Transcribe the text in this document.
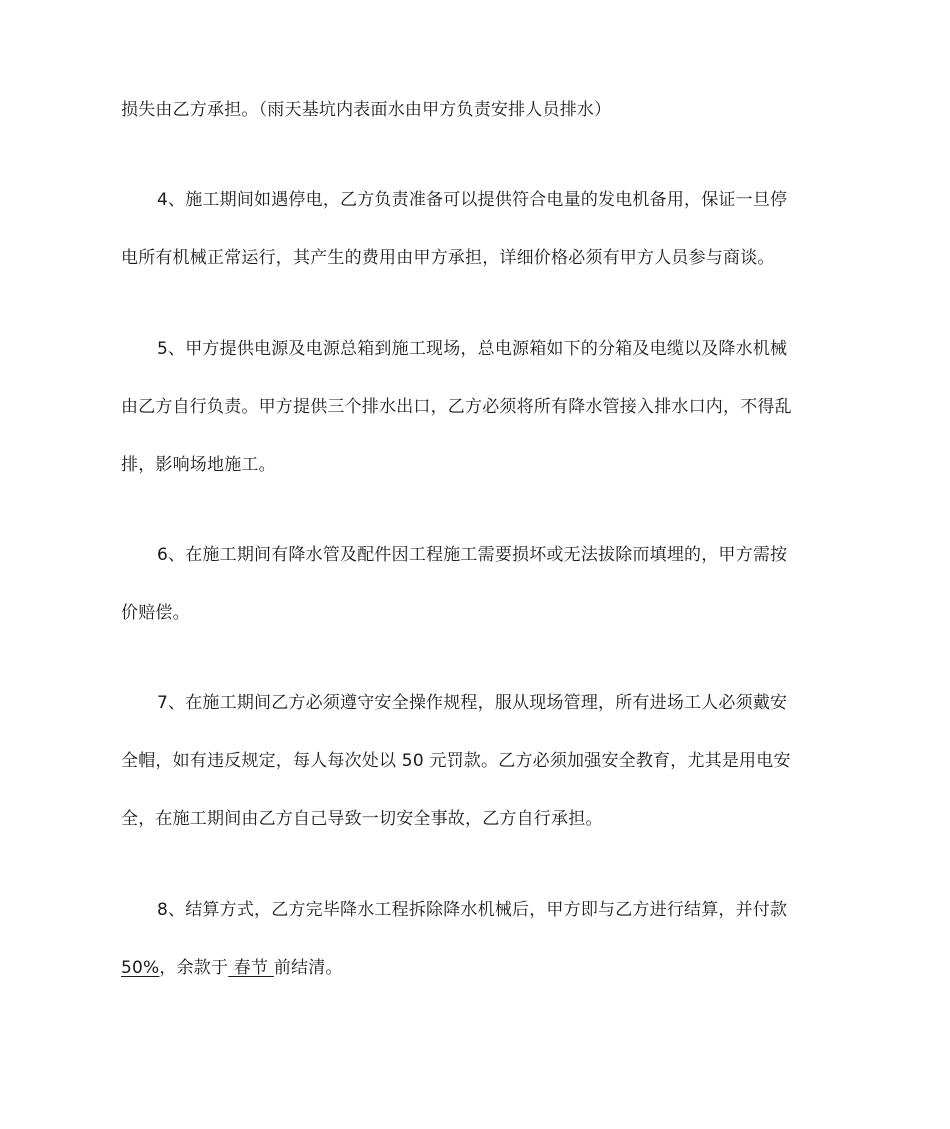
损失由乙方承担。（雨天基坑内表面水由甲方负责安排人员排水）
4、施工期间如遇停电，乙方负责准备可以提供符合电量的发电机备用，保证一旦停
电所有机械正常运行，其产生的费用由甲方承担，详细价格必须有甲方人员参与商谈。
5、甲方提供电源及电源总箱到施工现场，总电源箱如下的分箱及电缆以及降水机械
由乙方自行负责。甲方提供三个排水出口，乙方必须将所有降水管接入排水口内，不得乱
排，影响场地施工。
6、在施工期间有降水管及配件因工程施工需要损坏或无法拔除而填埋的，甲方需按
价赔偿。
7、在施工期间乙方必须遵守安全操作规程，服从现场管理，所有进场工人必须戴安
全帽，如有违反规定，每人每次处以 50 元罚款。乙方必须加强安全教育，尤其是用电安
全，在施工期间由乙方自己导致一切安全事故，乙方自行承担。
8、结算方式，乙方完毕降水工程拆除降水机械后，甲方即与乙方进行结算，并付款
50%，余款于 春节 前结清。
